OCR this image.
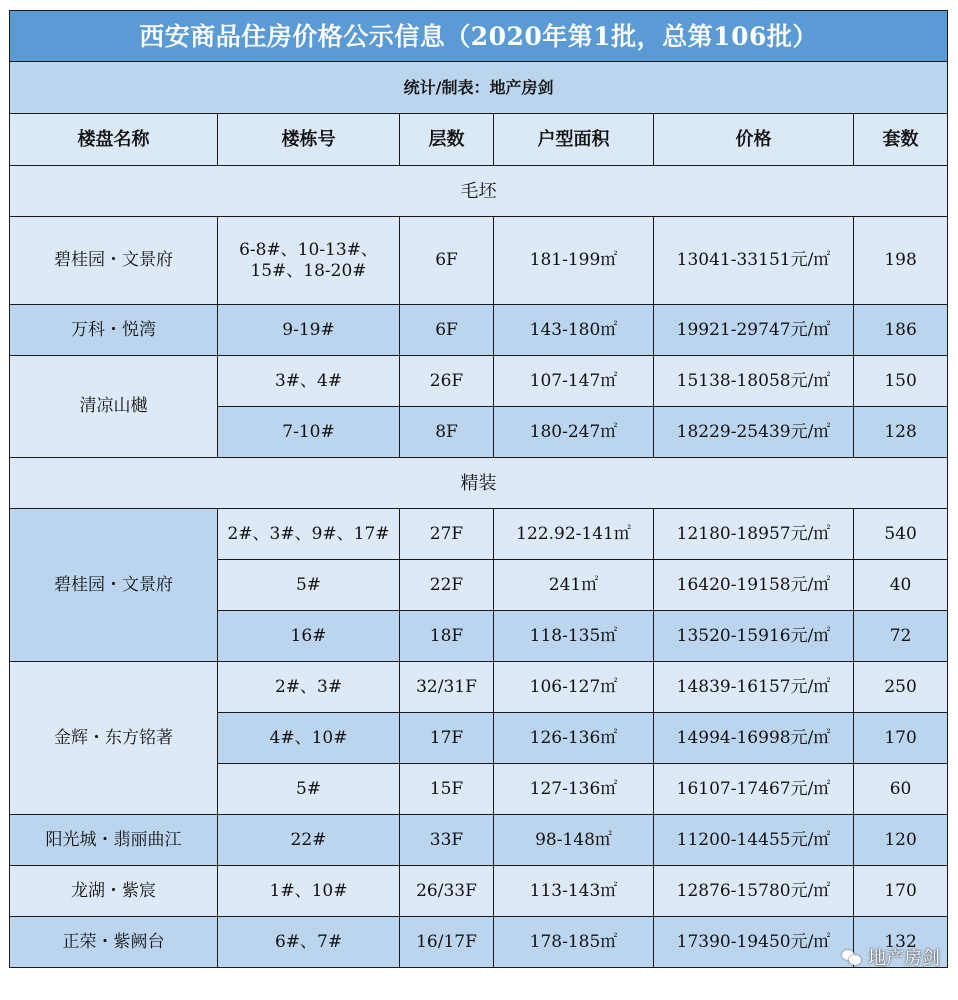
西安商品住房价格公示信息（2020年第1批，总第106批）					
统计/制表：地产房剑					
楼盘名称	楼栋号	层数	户型面积	价格	套数
毛坯					
碧桂园・文景府	6-8#、10-13#、15#、18-20#	6F	181-199㎡	13041-33151元/㎡	198
万科・悦湾	9-19#	6F	143-180㎡	19921-29747元/㎡	186
清凉山樾	3#、4#	26F	107-147㎡	15138-18058元/㎡	150
	7-10#	8F	180-247㎡	18229-25439元/㎡	128
精装					
碧桂园・文景府	2#、3#、9#、17#	27F	122.92-141㎡	12180-18957元/㎡	540
	5#	22F	241㎡	16420-19158元/㎡	40
	16#	18F	118-135㎡	13520-15916元/㎡	72
金辉・东方铭著	2#、3#	32/31F	106-127㎡	14839-16157元/㎡	250
	4#、10#	17F	126-136㎡	14994-16998元/㎡	170
	5#	15F	127-136㎡	16107-17467元/㎡	60
阳光城・翡丽曲江	22#	33F	98-148㎡	11200-14455元/㎡	120
龙湖・紫宸	1#、10#	26/33F	113-143㎡	12876-15780元/㎡	170
正荣・紫阙台	6#、7#	16/17F	178-185㎡	17390-19450元/㎡	132
地产房剑
